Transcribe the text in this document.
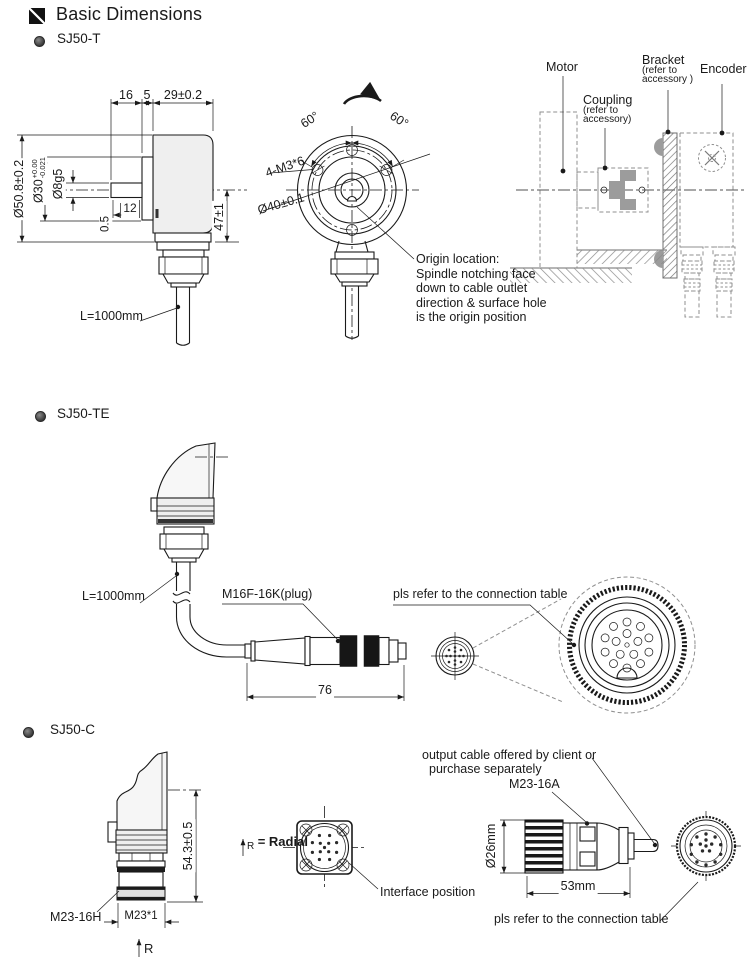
Basic Dimensions
SJ50-T
16 5 29±0.2
Ø50.8±0.2 Ø30
+0.00
-0.021
Ø8g5
12
0.5	47±1
L=1000mm
60°	60°
4-M3*6
Ø40±0.1
Origin location:
Spindle notching face
down to cable outlet
direction & surface hole
is the origin position
Motor
Coupling
(refer to
accessory)
Bracket
(refer to
accessory )
Encoder
SJ50-TE
L=1000mm	M16F-16K(plug)
76
pls refer to the connection table
SJ50-C
54.3±0.5
M23-16H M23*1
R
$_R$ = Radial
Interface position
output cable offered by client or
purchase separately
M23-16A
Ø26mm
53mm
pls refer to the connection table
